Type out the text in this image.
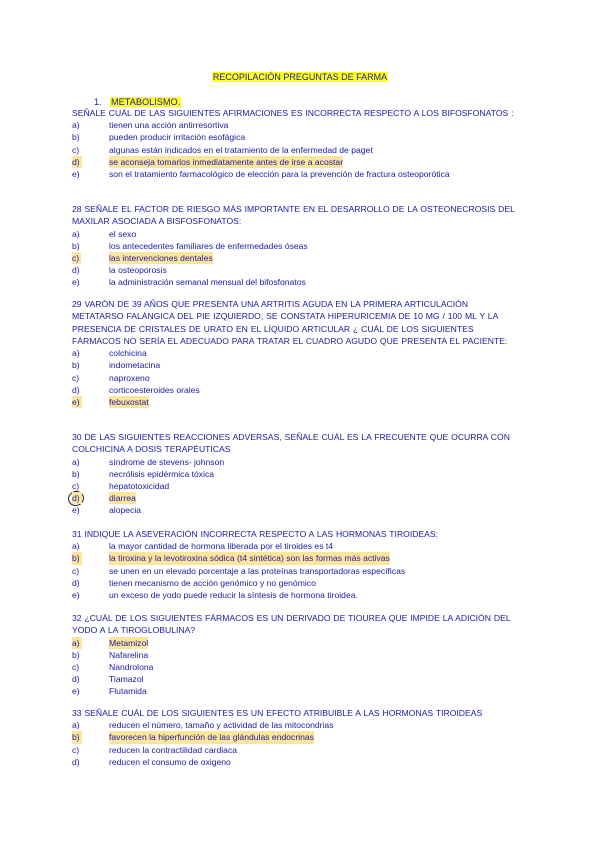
RECOPILACIÓN PREGUNTAS DE FARMA
1. METABOLISMO.
SEÑALE CUÁL DE LAS SIGUIENTES AFIRMACIONES ES INCORRECTA RESPECTO A LOS BIFOSFONATOS :
a)	tienen una acción antirresortiva
b)	pueden producir irritación esofágica
c)	algunas están indicados en el tratamiento de la enfermedad de paget
d)	se aconseja tomarlos inmediatamente antes de irse a acostar
e)	son el tratamiento farmacológico de elección para la prevención de fractura osteoporótica
28 SEÑALE EL FACTOR DE RIESGO MÁS IMPORTANTE EN EL DESARROLLO DE LA OSTEONECROSIS DEL MAXILAR ASOCIADA A BISFOSFONATOS:
a)	el sexo
b)	los antecedentes familiares de enfermedades óseas
c)	las intervenciones dentales
d)	la osteoporosis
e)	la administración semanal mensual del bifosfonatos
29 VARÓN DE 39 AÑOS QUE PRESENTA UNA ARTRITIS AGUDA EN LA PRIMERA ARTICULACIÓN METATARSO FALÁNGICA DEL PIE IZQUIERDO, SE CONSTATA HIPERURICEMIA DE 10 MG / 100 ML Y LA PRESENCIA DE CRISTALES DE URATO EN EL LÍQUIDO ARTICULAR ¿ CUÁL DE LOS SIGUIENTES FÁRMACOS NO SERÍA EL ADECUADO PARA TRATAR EL CUADRO AGUDO QUE PRESENTA EL PACIENTE:
a)	colchicina
b)	indometacina
c)	naproxeno
d)	corticoesteroides orales
e)	febuxostat
30 DE LAS SIGUIENTES REACCIONES ADVERSAS, SEÑALE CUÁL ES LA FRECUENTE QUE OCURRA CON COLCHICINA A DOSIS TERAPÉUTICAS
a)	síndrome de stevens- johnson
b)	necrólisis epidérmica tóxica
c)	hepatotoxicidad
d)	diarrea
e)	alopecia
31 INDIQUE LA ASEVERACIÓN INCORRECTA RESPECTO A LAS HORMONAS TIROIDEAS:
a)	la mayor cantidad de hormona liberada por el tiroides es t4
b)	la tiroxina y la levotiroxina sódica (t4 sintética) son las formas más activas
c)	se unen en un elevado porcentaje a las proteínas transportadoras específicas
d)	tienen mecanismo de acción genómico y no genómico
e)	un exceso de yodo puede reducir la síntesis de hormona tiroidea.
32 ¿CUÁL DE LOS SIGUIENTES FÁRMACOS ES UN DERIVADO DE TIOUREA QUE IMPIDE LA ADICIÓN DEL YODO A LA TIROGLOBULINA?
a)	Metamizol
b)	Nafarelina
c)	Nandrolona
d)	Tiamazol
e)	Flutamida
33 SEÑALE CUÁL DE LOS SIGUIENTES ES UN EFECTO ATRIBUIBLE A LAS HORMONAS TIROIDEAS
a)	reducen el número, tamaño y actividad de las mitocondrias
b)	favorecen la hiperfunción de las glándulas endocrinas
c)	reducen la contractilidad cardiaca
d)	reducen el consumo de oxigeno
